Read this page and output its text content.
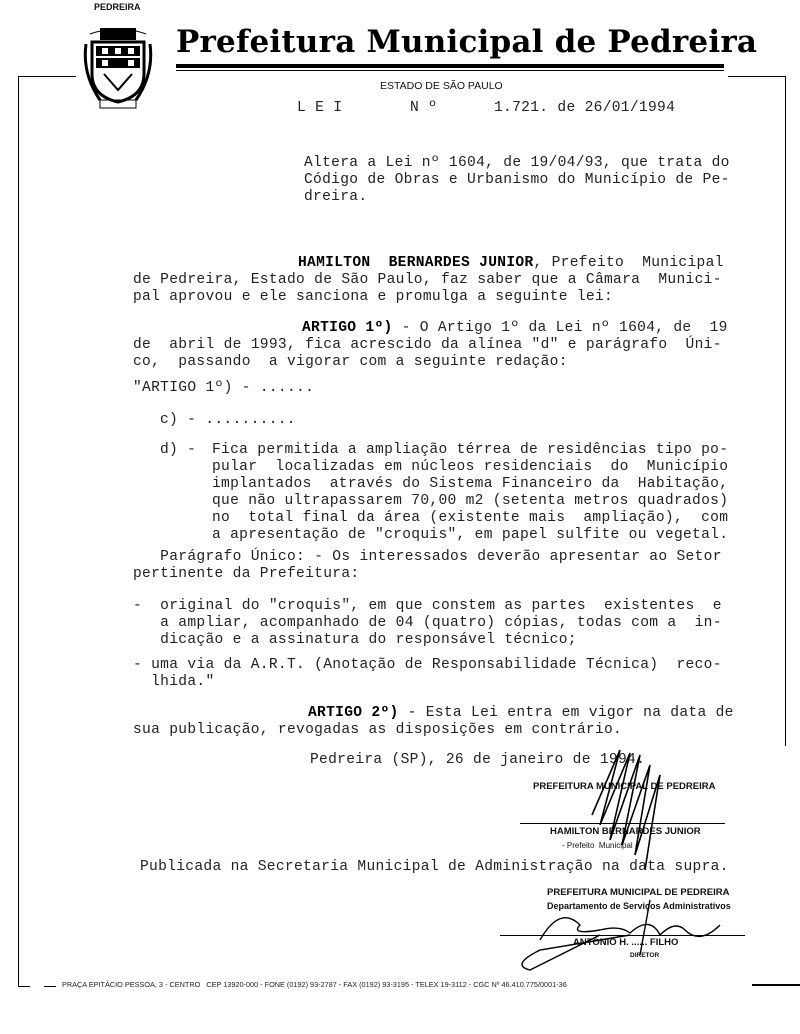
PEDREIRA
Prefeitura Municipal de Pedreira
ESTADO DE SÃO PAULO
L E I	N º	1.721. de 26/01/1994
Altera a Lei nº 1604, de 19/04/93, que trata do
Código de Obras e Urbanismo do Município de Pe-
dreira.
HAMILTON  BERNARDES JUNIOR, Prefeito  Municipal
de Pedreira, Estado de São Paulo, faz saber que a Câmara  Munici-
pal aprovou e ele sanciona e promulga a seguinte lei:
ARTIGO 1º) - O Artigo 1º da Lei nº 1604, de  19
de  abril de 1993, fica acrescido da alínea "d" e parágrafo  Úni-
co,  passando  a vigorar com a seguinte redação:
"ARTIGO 1º) - ......
c) - ..........
d) - Fica permitida a ampliação térrea de residências tipo po-
pular  localizadas em núcleos residenciais  do  Município
implantados  através do Sistema Financeiro da  Habitação,
que não ultrapassarem 70,00 m2 (setenta metros quadrados)
no  total final da área (existente mais  ampliação),  com
a apresentação de "croquis", em papel sulfite ou vegetal.
Parágrafo Único: - Os interessados deverão apresentar ao Setor
pertinente da Prefeitura:
-  original do "croquis", em que constem as partes  existentes  e
a ampliar, acompanhado de 04 (quatro) cópias, todas com a  in-
dicação e a assinatura do responsável técnico;
- uma via da A.R.T. (Anotação de Responsabilidade Técnica)  reco-
lhida."
ARTIGO 2º) - Esta Lei entra em vigor na data de
sua publicação, revogadas as disposições em contrário.
Pedreira (SP), 26 de janeiro de 1994.
PREFEITURA MUNICIPAL DE PEDREIRA
HAMILTON BERNARDES JUNIOR
- Prefeito  Municipal -
Publicada na Secretaria Municipal de Administração na data supra.
PREFEITURA MUNICIPAL DE PEDREIRA
Departamento de Serviços Administrativos
ANTONIO H. ...... FILHO
DIRETOR
PRAÇA EPITÁCIO PESSOA, 3 - CENTRO   CEP 13920-000 - FONE (0192) 93-2787 - FAX (0192) 93-3195 - TELEX 19-3112 - CGC Nº 46.410.775/0001-36
